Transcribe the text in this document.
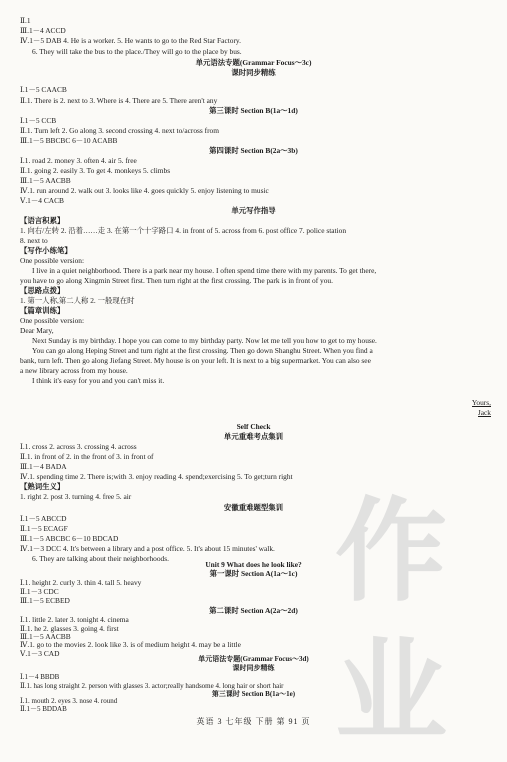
Ⅱ.1
Ⅲ.1－4 ACCD
Ⅳ.1－5 DAB 4. He is a worker. 5. He wants to go to the Red Star Factory.
6. They will take the bus to the place./They will go to the place by bus.
单元语法专题(Grammar Focus～3c)
课时同步精练
Ⅰ.1－5 CAACB
Ⅱ.1. There is 2. next to 3. Where is 4. There are 5. There aren't any
第三课时 Section B(1a～1d)
Ⅰ.1－5 CCB
Ⅱ.1. Turn left 2. Go along 3. second crossing 4. next to/across from
Ⅲ.1－5 BBCBC 6－10 ACABB
第四课时 Section B(2a～3b)
Ⅰ.1. road 2. money 3. often 4. air 5. free
Ⅱ.1. going 2. easily 3. To get 4. monkeys 5. climbs
Ⅲ.1－5 AACBB
Ⅳ.1. run around 2. walk out 3. looks like 4. goes quickly 5. enjoy listening to music
Ⅴ.1－4 CACB
单元写作指导
【语言积累】
1. 向右/左转 2. 沿着……走 3. 在第一个十字路口 4. in front of 5. across from 6. post office 7. police station
8. next to
【写作小练笔】
One possible version:
I live in a quiet neighborhood. There is a park near my house. I often spend time there with my parents. To get there,
you have to go along Xingmin Street first. Then turn right at the first crossing. The park is in front of you.
【思路点拨】
1. 第一人称,第二人称 2. 一般现在时
【篇章训练】
One possible version:
Dear Mary,
Next Sunday is my birthday. I hope you can come to my birthday party. Now let me tell you how to get to my house.
You can go along Heping Street and turn right at the first crossing. Then go down Shanghu Street. When you find a
bank, turn left. Then go along Jiefang Street. My house is on your left. It is next to a big supermarket. You can also see
a new library across from my house.
I think it's easy for you and you can't miss it.
Yours,
Jack
Self Check
单元重难考点集训
Ⅰ.1. cross 2. across 3. crossing 4. across
Ⅱ.1. in front of 2. in the front of 3. in front of
Ⅲ.1－4 BADA
Ⅳ.1. spending time 2. There is;with 3. enjoy reading 4. spend;exercising 5. To get;turn right
【熟词生义】
1. right 2. post 3. turning 4. free 5. air
安徽重难题型集训
Ⅰ.1－5 ABCCD
Ⅱ.1－5 ECAGF
Ⅲ.1－5 ABCBC 6－10 BDCAD
Ⅳ.1－3 DCC 4. It's between a library and a post office. 5. It's about 15 minutes' walk.
6. They are talking about their neighborhoods.
Unit 9 What does he look like?
第一课时 Section A(1a～1c)
Ⅰ.1. height 2. curly 3. thin 4. tall 5. heavy
Ⅱ.1－3 CDC
Ⅲ.1－5 ECBED
第二课时 Section A(2a～2d)
Ⅰ.1. little 2. later 3. tonight 4. cinema
Ⅱ.1. he 2. glasses 3. going 4. first
Ⅲ.1－5 AACBB
Ⅳ.1. go to the movies 2. look like 3. is of medium height 4. may be a little
Ⅴ.1－3 CAD
单元语法专题(Grammar Focus～3d)
课时同步精练
Ⅰ.1－4 BBDB
作业
英语 3 七年级 下册 第 91 页
Ⅱ.1. has long straight 2. person with glasses 3. actor;really handsome 4. long hair or short hair
第三课时 Section B(1a～1e)
Ⅰ.1. mouth 2. eyes 3. nose 4. round
Ⅱ.1－5 BDDAB
